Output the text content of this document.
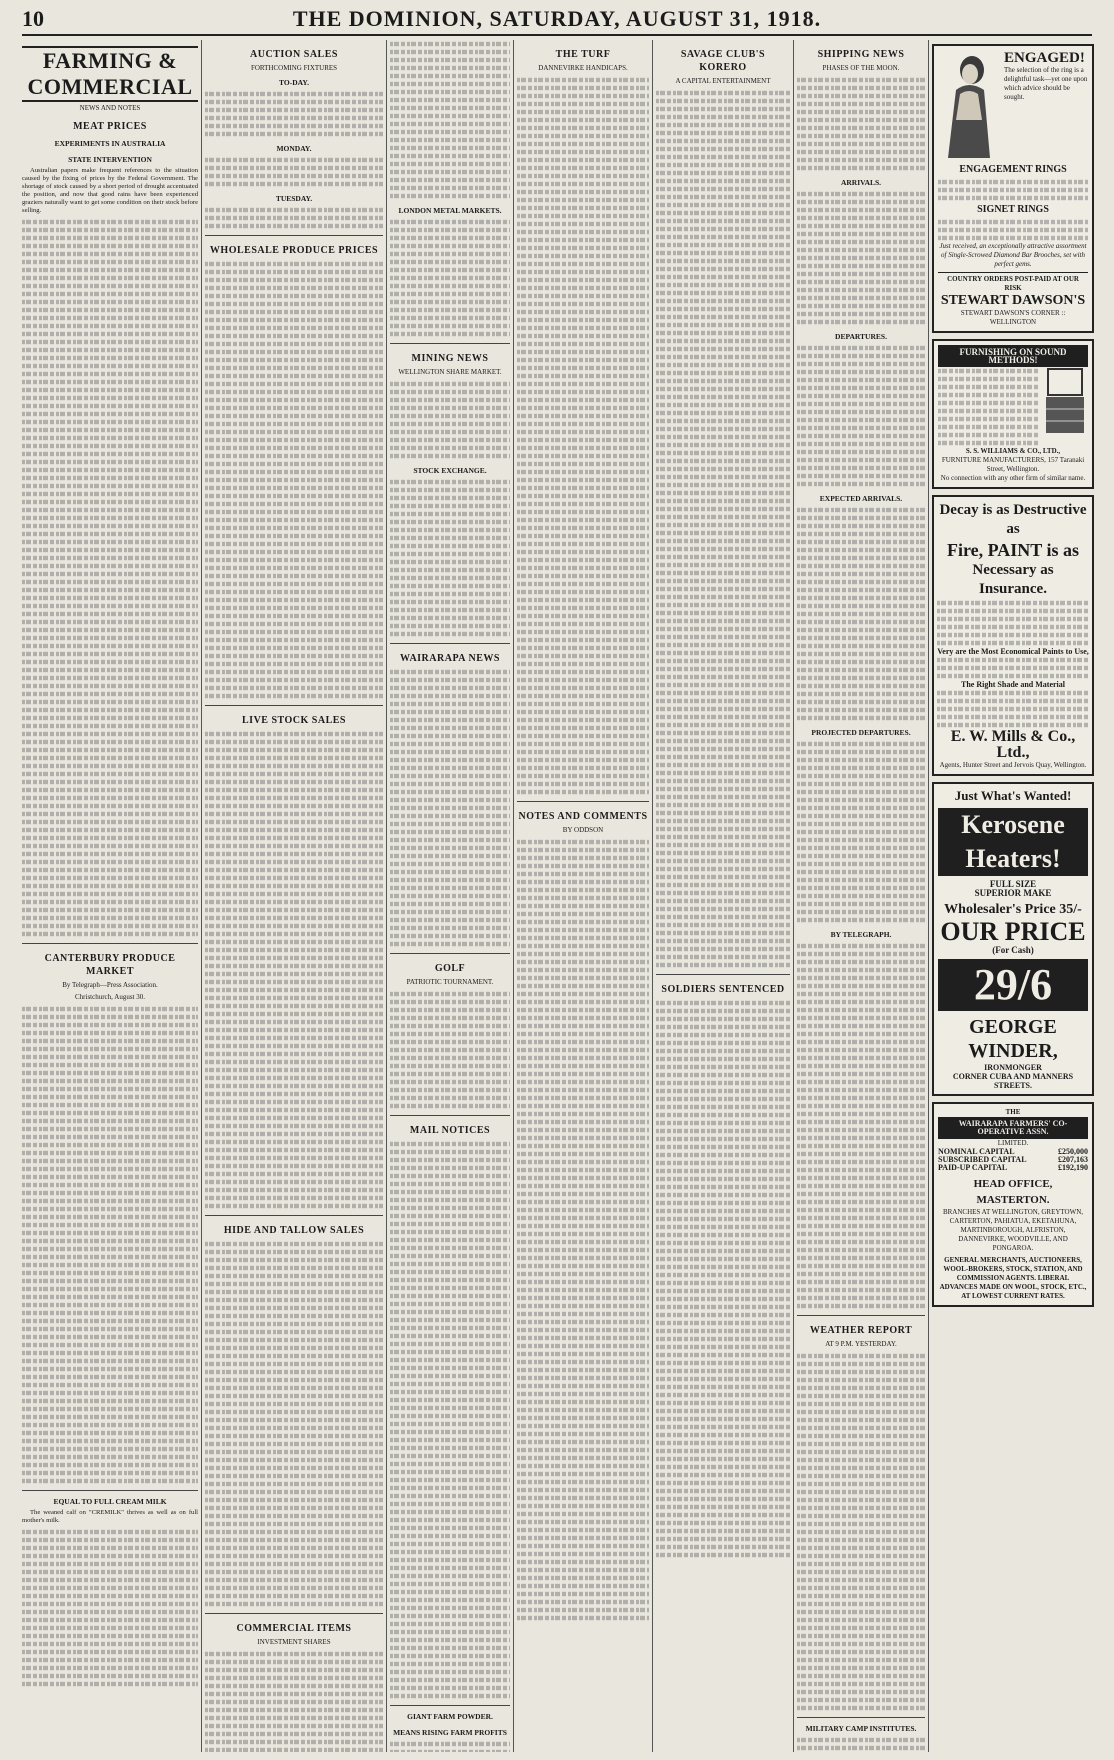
10	THE DOMINION, SATURDAY, AUGUST 31, 1918.
FARMING & COMMERCIAL
NEWS AND NOTES
MEAT PRICES
EXPERIMENTS IN AUSTRALIA
STATE INTERVENTION

Australian papers make frequent references to the situation caused by the fixing of prices by the Federal Government. The shortage of stock caused by a short period of drought accentuated the position, and now that good rains have been experienced graziers naturally want to get some condition on their stock before selling.

CANTERBURY PRODUCE MARKET
By Telegraph—Press Association.
Christchurch, August 30.
EQUAL TO FULL CREAM MILK

The weaned calf on "CREMILK" thrives as well as on full mother's milk.

AUCTION SALES
FORTHCOMING FIXTURES
TO-DAY.
MONDAY.
TUESDAY.
WHOLESALE PRODUCE PRICES
LIVE STOCK SALES
HIDE AND TALLOW SALES
COMMERCIAL ITEMS
INVESTMENT SHARES
LONDON METAL MARKETS.
MINING NEWS
WELLINGTON SHARE MARKET.
STOCK EXCHANGE.
WAIRARAPA NEWS
GOLF
PATRIOTIC TOURNAMENT.
MAIL NOTICES
GIANT FARM POWDER.
MEANS RISING FARM PROFITS
THE TURF
DANNEVIRKE HANDICAPS.
NOTES AND COMMENTS
BY ODDSON
SAVAGE CLUB'S KORERO
A CAPITAL ENTERTAINMENT
SOLDIERS SENTENCED
SHIPPING NEWS
PHASES OF THE MOON.
ARRIVALS.
DEPARTURES.
EXPECTED ARRIVALS.
PROJECTED DEPARTURES.
BY TELEGRAPH.
WEATHER REPORT
AT 9 P.M. YESTERDAY.
MILITARY CAMP INSTITUTES.
ENGAGED!
The selection of the ring is a delightful task—yet one upon which advice should be sought.
ENGAGEMENT RINGS
SIGNET RINGS
Just received, an exceptionally attractive assortment of Single-Scrowed Diamond Bar Brooches, set with perfect gems.
COUNTRY ORDERS POST-PAID AT OUR RISK
STEWART DAWSON'S
STEWART DAWSON'S CORNER :: WELLINGTON
FURNISHING ON SOUND METHODS!
S. S. WILLIAMS & CO., LTD.,
FURNITURE MANUFACTURERS, 157 Taranaki Street, Wellington.
No connection with any other firm of similar name.
Decay is as Destructive as
Fire, PAINT is as
Necessary as Insurance.
Very are the Most Economical Paints to Use,
The Right Shade and Material
E. W. Mills & Co., Ltd.,
Agents, Hunter Street and Jervois Quay, Wellington.
Just What's Wanted!
Kerosene Heaters!
FULL SIZE
SUPERIOR MAKE
Wholesaler's Price 35/-
OUR PRICE
(For Cash)
29/6
GEORGE WINDER,
IRONMONGER
CORNER CUBA AND MANNERS STREETS.
THE
WAIRARAPA FARMERS' CO-OPERATIVE ASSN.
LIMITED.
NOMINAL CAPITAL	£250,000
SUBSCRIBED CAPITAL	£207,163
PAID-UP CAPITAL	£192,190
HEAD OFFICE, MASTERTON.
BRANCHES AT WELLINGTON, GREYTOWN, CARTERTON, PAHIATUA, EKETAHUNA, MARTINBOROUGH, ALFRISTON, DANNEVIRKE, WOODVILLE, AND PONGAROA.
GENERAL MERCHANTS, AUCTIONEERS, WOOL-BROKERS, STOCK, STATION, AND COMMISSION AGENTS. LIBERAL ADVANCES MADE ON WOOL, STOCK, ETC., AT LOWEST CURRENT RATES.
